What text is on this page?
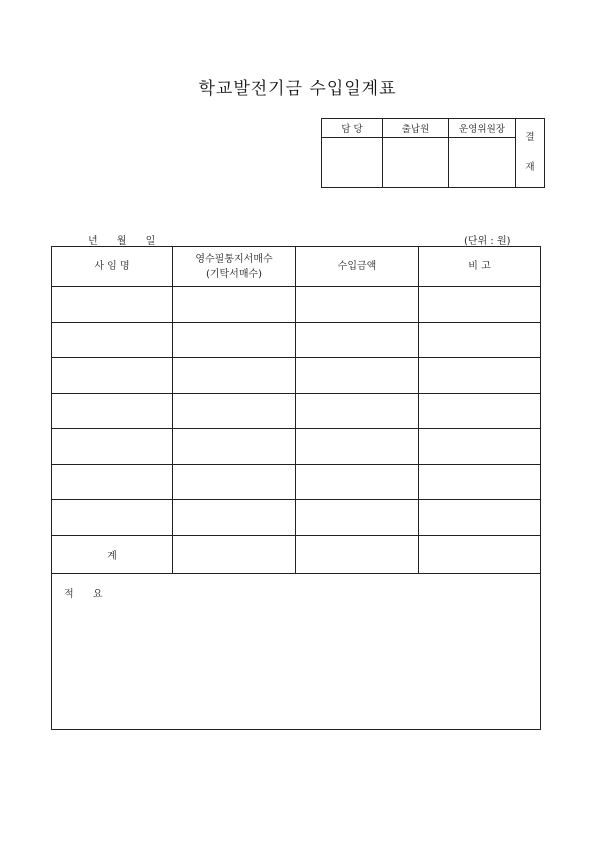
학교발전기금 수입일계표
담 당	출납원	운영위원장	결
재

년 월 일	(단위 : 원)
사 임 명	영수필통지서매수
(기탁서매수)	수입금액	비 고

계			
적 요			
